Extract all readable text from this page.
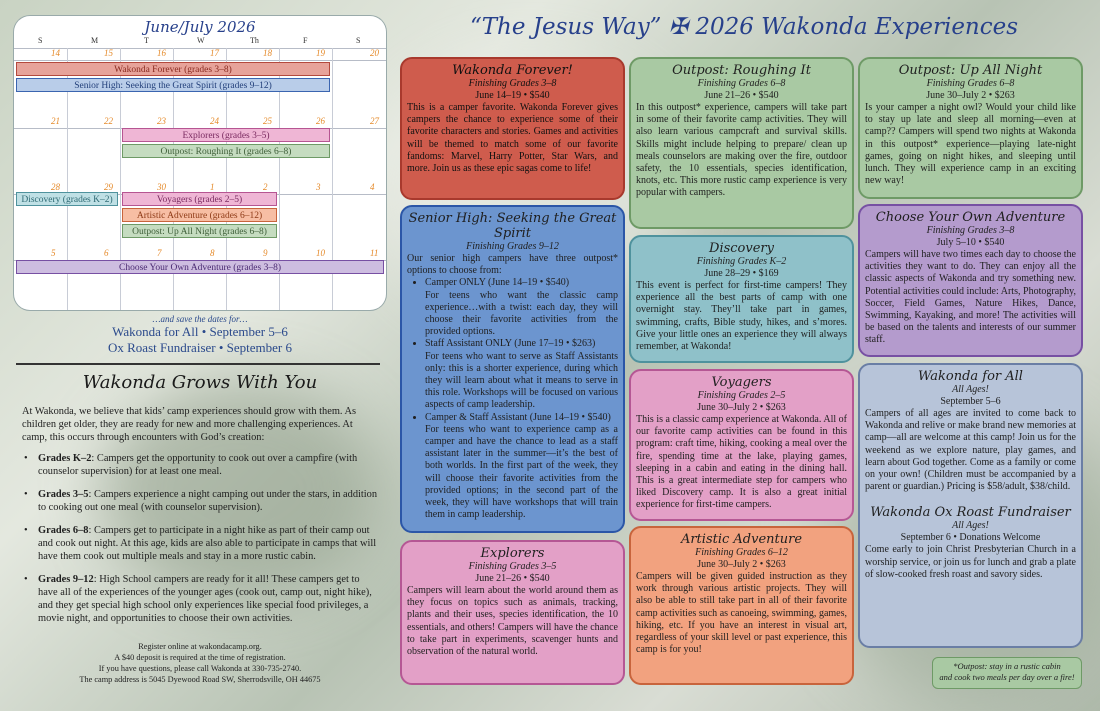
June/July 2026
S	M	T	W	Th	F	S
14	15	16	17	18	19	20
21	22	23	24	25	26	27
28	29	30	1	2	3	4
5	6	7	8	9	10	11
Wakonda Forever (grades 3–8)
Senior High: Seeking the Great Spirit (grades 9–12)
Explorers (grades 3–5)
Outpost: Roughing It (grades 6–8)
Discovery (grades K–2)	Voyagers (grades 2–5)
Artistic Adventure (grades 6–12)
Outpost: Up All Night (grades 6–8)
Choose Your Own Adventure (grades 3–8)
…and save the dates for…
Wakonda for All • September 5–6
Ox Roast Fundraiser • September 6
Wakonda Grows With You
At Wakonda, we believe that kids’ camp experiences should grow with them. As children get older, they are ready for new and more challenging experiences. At camp, this occurs through encounters with God’s creation:
• Grades K–2: Campers get the opportunity to cook out over a campfire (with counselor supervision) for at least one meal.
• Grades 3–5: Campers experience a night camping out under the stars, in addition to cooking out one meal (with counselor supervision).
• Grades 6–8: Campers get to participate in a night hike as part of their camp out and cook out night. At this age, kids are also able to participate in camps that will have them cook out multiple meals and stay in a more rustic cabin.
• Grades 9–12: High School campers are ready for it all! These campers get to have all of the experiences of the younger ages (cook out, camp out, night hike), and they get special high school only experiences like special food privileges, a movie night, and opportunities to choose their own activities.
Register online at wakondacamp.org.
A $40 deposit is required at the time of registration.
If you have questions, please call Wakonda at 330-735-2740.
The camp address is 5045 Dyewood Road SW, Sherrodsville, OH 44675
“The Jesus Way” ✠ 2026 Wakonda Experiences
Wakonda Forever!
Finishing Grades 3–8
June 14–19 • $540
This is a camper favorite. Wakonda Forever gives campers the chance to experience some of their favorite characters and stories. Games and activities will be themed to match some of our favorite fandoms: Marvel, Harry Potter, Star Wars, and more. Join us as these epic sagas come to life!
Senior High: Seeking the Great Spirit
Finishing Grades 9–12
Our senior high campers have three outpost* options to choose from:
• Camper ONLY (June 14–19 • $540)
For teens who want the classic camp experience…with a twist: each day, they will choose their favorite activities from the provided options.
• Staff Assistant ONLY (June 17–19 • $263)
For teens who want to serve as Staff Assistants only: this is a shorter experience, during which they will learn about what it means to serve in this role. Workshops will be focused on various aspects of camp leadership.
• Camper & Staff Assistant (June 14–19 • $540)
For teens who want to experience camp as a camper and have the chance to lead as a staff assistant later in the summer—it’s the best of both worlds. In the first part of the week, they will choose their favorite activities from the provided options; in the second part of the week, they will have workshops that will train them in camp leadership.
Explorers
Finishing Grades 3–5
June 21–26 • $540
Campers will learn about the world around them as they focus on topics such as animals, tracking, plants and their uses, species identification, the 10 essentials, and others! Campers will have the chance to take part in experiments, scavenger hunts and observation of the natural world.
Outpost: Roughing It
Finishing Grades 6–8
June 21–26 • $540
In this outpost* experience, campers will take part in some of their favorite camp activities. They will also learn various campcraft and survival skills. Skills might include helping to prepare/ clean up meals counselors are making over the fire, outdoor safety, the 10 essentials, species identification, knots, etc. This more rustic camp experience is very popular with campers.
Discovery
Finishing Grades K–2
June 28–29 • $169
This event is perfect for first-time campers! They experience all the best parts of camp with one overnight stay. They’ll take part in games, swimming, crafts, Bible study, hikes, and s’mores. Give your little ones an experience they will always remember, at Wakonda!
Voyagers
Finishing Grades 2–5
June 30–July 2 • $263
This is a classic camp experience at Wakonda. All of our favorite camp activities can be found in this program: craft time, hiking, cooking a meal over the fire, spending time at the lake, playing games, sleeping in a cabin and eating in the dining hall. This is a great intermediate step for campers who liked Discovery camp. It is also a great initial experience for first-time campers.
Artistic Adventure
Finishing Grades 6–12
June 30–July 2 • $263
Campers will be given guided instruction as they work through various artistic projects. They will also be able to still take part in all of their favorite camp activities such as canoeing, swimming, games, hiking, etc. If you have an interest in visual art, regardless of your skill level or past experience, this camp is for you!
Outpost: Up All Night
Finishing Grades 6–8
June 30–July 2 • $263
Is your camper a night owl? Would your child like to stay up late and sleep all morning—even at camp?? Campers will spend two nights at Wakonda in this outpost* experience—playing late-night games, going on night hikes, and sleeping until lunch. They will experience camp in an exciting new way!
Choose Your Own Adventure
Finishing Grades 3–8
July 5–10 • $540
Campers will have two times each day to choose the activities they want to do. They can enjoy all the classic aspects of Wakonda and try something new. Potential activities could include: Arts, Photography, Soccer, Field Games, Nature Hikes, Dance, Swimming, Kayaking, and more! The activities will be based on the talents and interests of our summer staff.
Wakonda for All
All Ages!
September 5–6
Campers of all ages are invited to come back to Wakonda and relive or make brand new memories at camp—all are welcome at this camp! Join us for the weekend as we explore nature, play games, and learn about God together. Come as a family or come on your own! (Children must be accompanied by a parent or guardian.) Pricing is $58/adult, $38/child.
Wakonda Ox Roast Fundraiser
All Ages!
September 6 • Donations Welcome
Come early to join Christ Presbyterian Church in a worship service, or join us for lunch and grab a plate of slow-cooked fresh roast and savory sides.
*Outpost: stay in a rustic cabin
and cook two meals per day over a fire!
